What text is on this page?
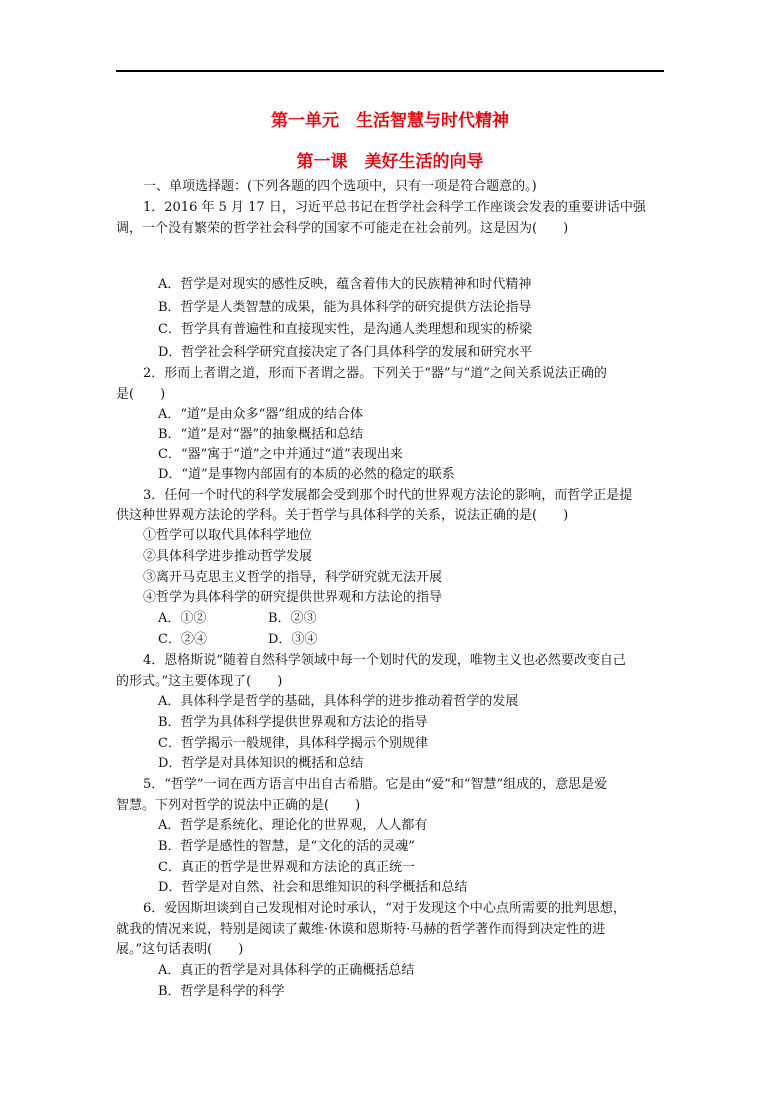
第一单元　生活智慧与时代精神
第一课　美好生活的向导
一、单项选择题：(下列各题的四个选项中，只有一项是符合题意的。)
1．2016 年 5 月 17 日，习近平总书记在哲学社会科学工作座谈会发表的重要讲话中强
调，一个没有繁荣的哲学社会科学的国家不可能走在社会前列。这是因为(　　)
A．哲学是对现实的感性反映，蕴含着伟大的民族精神和时代精神
B．哲学是人类智慧的成果，能为具体科学的研究提供方法论指导
C．哲学具有普遍性和直接现实性，是沟通人类理想和现实的桥梁
D．哲学社会科学研究直接决定了各门具体科学的发展和研究水平
2．形而上者谓之道，形而下者谓之器。下列关于“器”与“道”之间关系说法正确的
是(　　)
A．“道”是由众多“器”组成的结合体
B．“道”是对“器”的抽象概括和总结
C．“器”寓于“道”之中并通过“道”表现出来
D．“道”是事物内部固有的本质的必然的稳定的联系
3．任何一个时代的科学发展都会受到那个时代的世界观方法论的影响，而哲学正是提
供这种世界观方法论的学科。关于哲学与具体科学的关系，说法正确的是(　　)
①哲学可以取代具体科学地位
②具体科学进步推动哲学发展
③离开马克思主义哲学的指导，科学研究就无法开展
④哲学为具体科学的研究提供世界观和方法论的指导
A．①②	B．②③
C．②④	D．③④
4．恩格斯说“随着自然科学领域中每一个划时代的发现，唯物主义也必然要改变自己
的形式。”这主要体现了(　　)
A．具体科学是哲学的基础，具体科学的进步推动着哲学的发展
B．哲学为具体科学提供世界观和方法论的指导
C．哲学揭示一般规律，具体科学揭示个别规律
D．哲学是对具体知识的概括和总结
5．“哲学”一词在西方语言中出自古希腊。它是由“爱”和“智慧”组成的，意思是爱
智慧。下列对哲学的说法中正确的是(　　)
A．哲学是系统化、理论化的世界观，人人都有
B．哲学是感性的智慧，是“文化的活的灵魂”
C．真正的哲学是世界观和方法论的真正统一
D．哲学是对自然、社会和思维知识的科学概括和总结
6．爱因斯坦谈到自己发现相对论时承认，“对于发现这个中心点所需要的批判思想，
就我的情况来说，特别是阅读了戴维·休谟和恩斯特·马赫的哲学著作而得到决定性的进
展。”这句话表明(　　)
A．真正的哲学是对具体科学的正确概括总结
B．哲学是科学的科学
